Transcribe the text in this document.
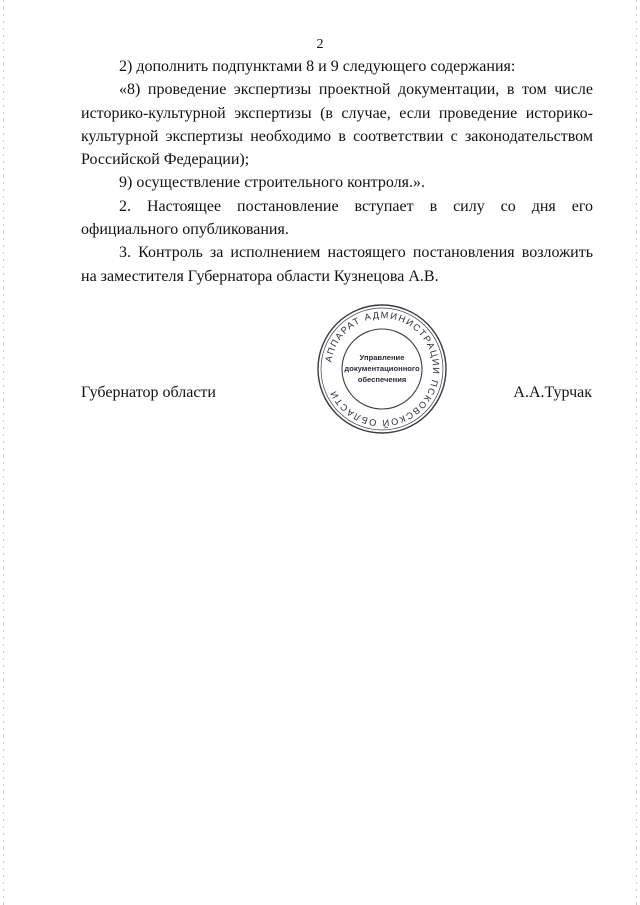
2

2) дополнить подпунктами 8 и 9 следующего содержания:

«8) проведение экспертизы проектной документации, в том числе историко-культурной экспертизы (в случае, если проведение историко-культурной экспертизы необходимо в соответствии с законодательством Российской Федерации);

9) осуществление строительного контроля.».

2. Настоящее постановление вступает в силу со дня его официального опубликования.

3. Контроль за исполнением настоящего постановления возложить на заместителя Губернатора области Кузнецова А.В.

Губернатор области
АППАРАТ АДМИНИСТРАЦИИ ПСКОВСКОЙ ОБЛАСТИ
Управление
документационного
обеспечения
А.А.Турчак
